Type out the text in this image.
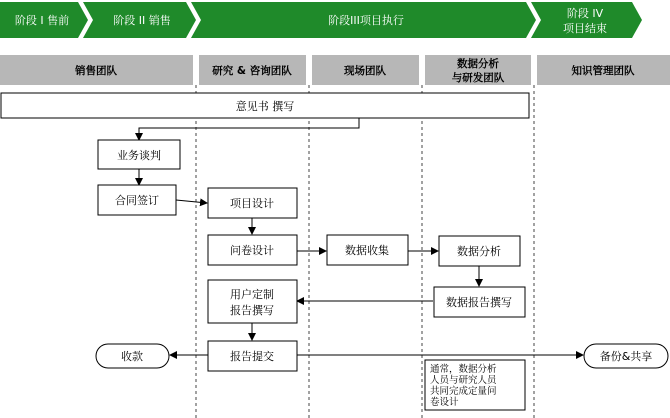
阶段 I 售前	阶段 II 销售	阶段III项目执行
阶段 IV
项目结束
销售团队	研究 & 咨询团队	现场团队
数据分析
与研发团队
知识管理团队
意见书 撰写
业务谈判
合同签订	项目设计
问卷设计	数据收集	数据分析
数据报告撰写
用户定制
报告撰写
报告提交
收款	备份&共享
通常，数据分析
人员与研究人员
共同完成定量问
卷设计
